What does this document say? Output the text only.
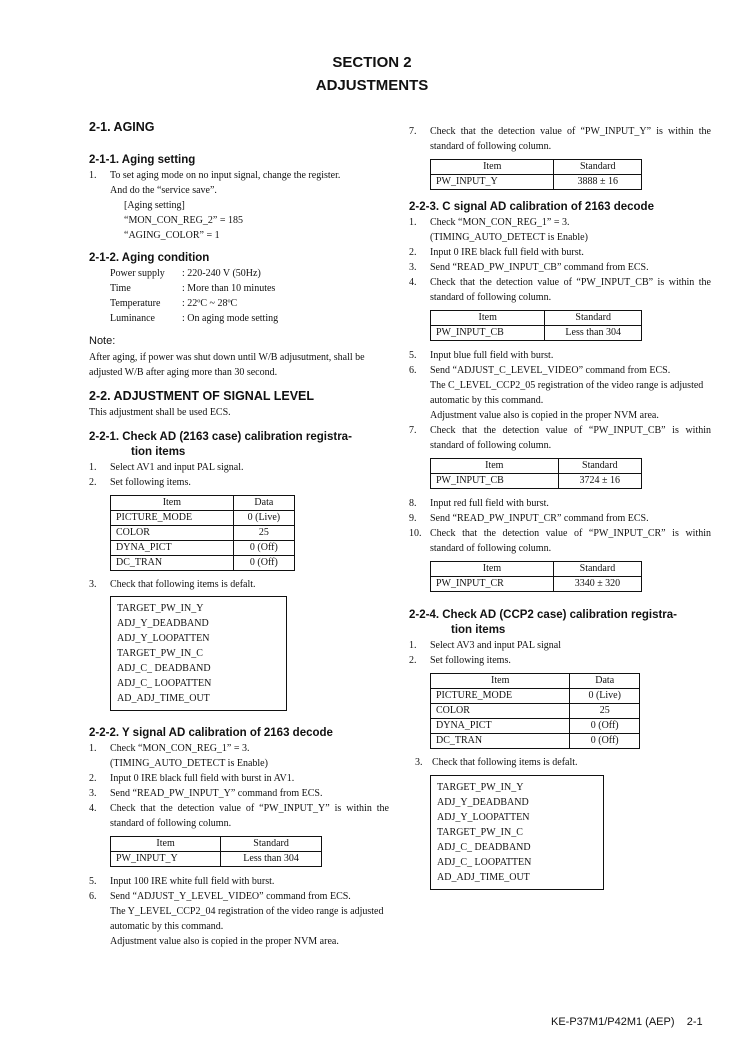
SECTION 2
ADJUSTMENTS
2-1. AGING
2-1-1. Aging setting
1. To set aging mode on no input signal, change the register.
And do the “service save”.
[Aging setting]
“MON_CON_REG_2” = 185
“AGING_COLOR” = 1
2-1-2. Aging condition
Power supply	: 220-240 V (50Hz)
Time	: More than 10 minutes
Temperature	: 22ºC ~ 28ºC
Luminance	: On aging mode setting
Note:
After aging, if power was shut down until W/B adjusutment, shall be adjusted W/B after aging more than 30 second.
2-2. ADJUSTMENT OF SIGNAL LEVEL
This adjustment shall be used ECS.
2-2-1. Check AD (2163 case) calibration registra-
tion items
1. Select AV1 and input PAL signal.
2. Set following items.
Item	Data
PICTURE_MODE	0 (Live)
COLOR	25
DYNA_PICT	0 (Off)
DC_TRAN	0 (Off)
3. Check that following items is defalt.
TARGET_PW_IN_Y
ADJ_Y_DEADBAND
ADJ_Y_LOOPATTEN
TARGET_PW_IN_C
ADJ_C_ DEADBAND
ADJ_C_ LOOPATTEN
AD_ADJ_TIME_OUT
2-2-2. Y signal AD calibration of 2163 decode
1. Check “MON_CON_REG_1” = 3.
(TIMING_AUTO_DETECT is Enable)
2. Input 0 IRE black full field with burst in AV1.
3. Send “READ_PW_INPUT_Y” command from ECS.
4. Check that the detection value of “PW_INPUT_Y” is within the standard of following column.
Item	Standard
PW_INPUT_Y	Less than 304
5. Input 100 IRE white full field with burst.
6. Send “ADJUST_Y_LEVEL_VIDEO” command from ECS.
The Y_LEVEL_CCP2_04 registration of the video range is adjusted automatic by this command.
Adjustment value also is copied in the proper NVM area.
7. Check that the detection value of “PW_INPUT_Y” is within the standard of following column.
Item	Standard
PW_INPUT_Y	3888 ± 16
2-2-3. C signal AD calibration of 2163 decode
1. Check “MON_CON_REG_1” = 3.
(TIMING_AUTO_DETECT is Enable)
2. Input 0 IRE black full field with burst.
3. Send “READ_PW_INPUT_CB” command from ECS.
4. Check that the detection value of “PW_INPUT_CB” is within the standard of following column.
Item	Standard
PW_INPUT_CB	Less than 304
5. Input blue full field with burst.
6. Send “ADJUST_C_LEVEL_VIDEO” command from ECS.
The C_LEVEL_CCP2_05 registration of the video range is adjusted automatic by this command.
Adjustment value also is copied in the proper NVM area.
7. Check that the detection value of “PW_INPUT_CB” is within standard of following column.
Item	Standard
PW_INPUT_CB	3724 ± 16
8. Input red full field with burst.
9. Send “READ_PW_INPUT_CR” command from ECS.
10. Check that the detection value of “PW_INPUT_CR” is within standard of following column.
Item	Standard
PW_INPUT_CR	3340 ± 320
2-2-4. Check AD (CCP2 case) calibration registra-
tion items
1. Select AV3 and input PAL signal
2. Set following items.
Item	Data
PICTURE_MODE	0 (Live)
COLOR	25
DYNA_PICT	0 (Off)
DC_TRAN	0 (Off)
3. Check that following items is defalt.
TARGET_PW_IN_Y
ADJ_Y_DEADBAND
ADJ_Y_LOOPATTEN
TARGET_PW_IN_C
ADJ_C_ DEADBAND
ADJ_C_ LOOPATTEN
AD_ADJ_TIME_OUT
KE-P37M1/P42M1 (AEP)    2-1
